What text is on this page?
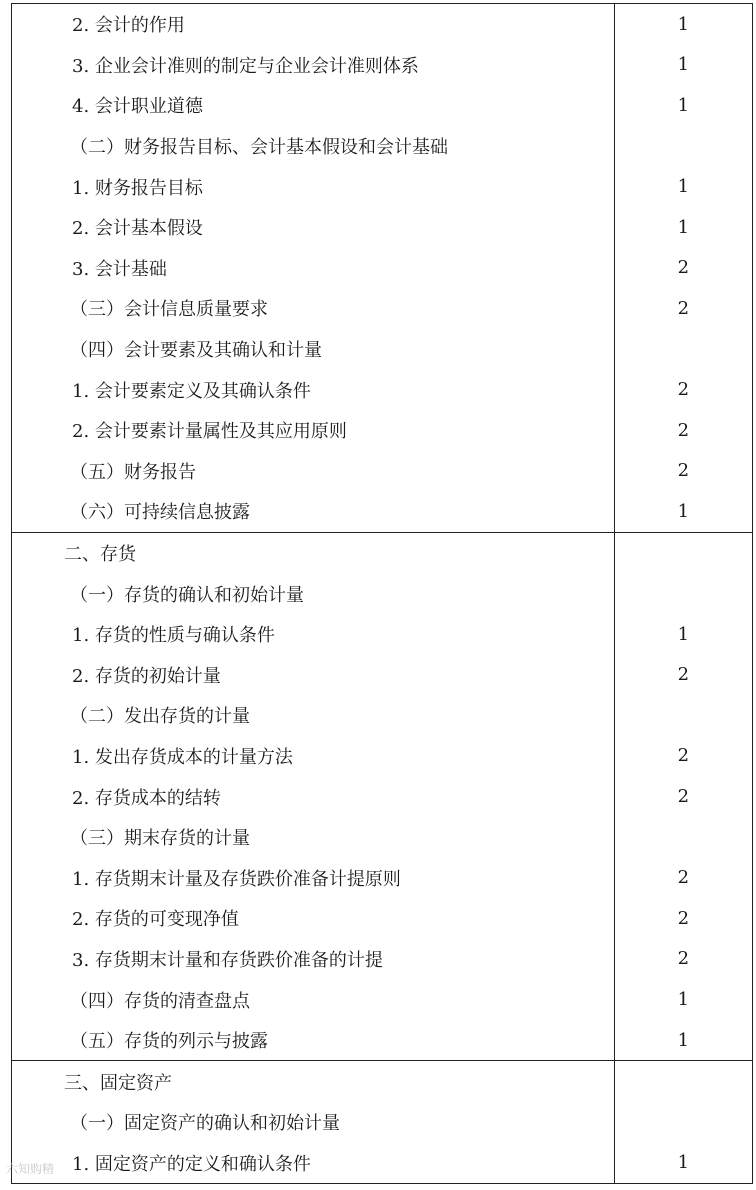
2. 会计的作用	1
3. 企业会计准则的制定与企业会计准则体系	1
4. 会计职业道德	1
（二）财务报告目标、会计基本假设和会计基础	
1. 财务报告目标	1
2. 会计基本假设	1
3. 会计基础	2
（三）会计信息质量要求	2
（四）会计要素及其确认和计量	
1. 会计要素定义及其确认条件	2
2. 会计要素计量属性及其应用原则	2
（五）财务报告	2
（六）可持续信息披露	1
二、存货	
（一）存货的确认和初始计量	
1. 存货的性质与确认条件	1
2. 存货的初始计量	2
（二）发出存货的计量	
1. 发出存货成本的计量方法	2
2. 存货成本的结转	2
（三）期末存货的计量	
1. 存货期末计量及存货跌价准备计提原则	2
2. 存货的可变现净值	2
3. 存货期末计量和存货跌价准备的计提	2
（四）存货的清查盘点	1
（五）存货的列示与披露	1
三、固定资产	
（一）固定资产的确认和初始计量	
1. 固定资产的定义和确认条件	1
六知购精
